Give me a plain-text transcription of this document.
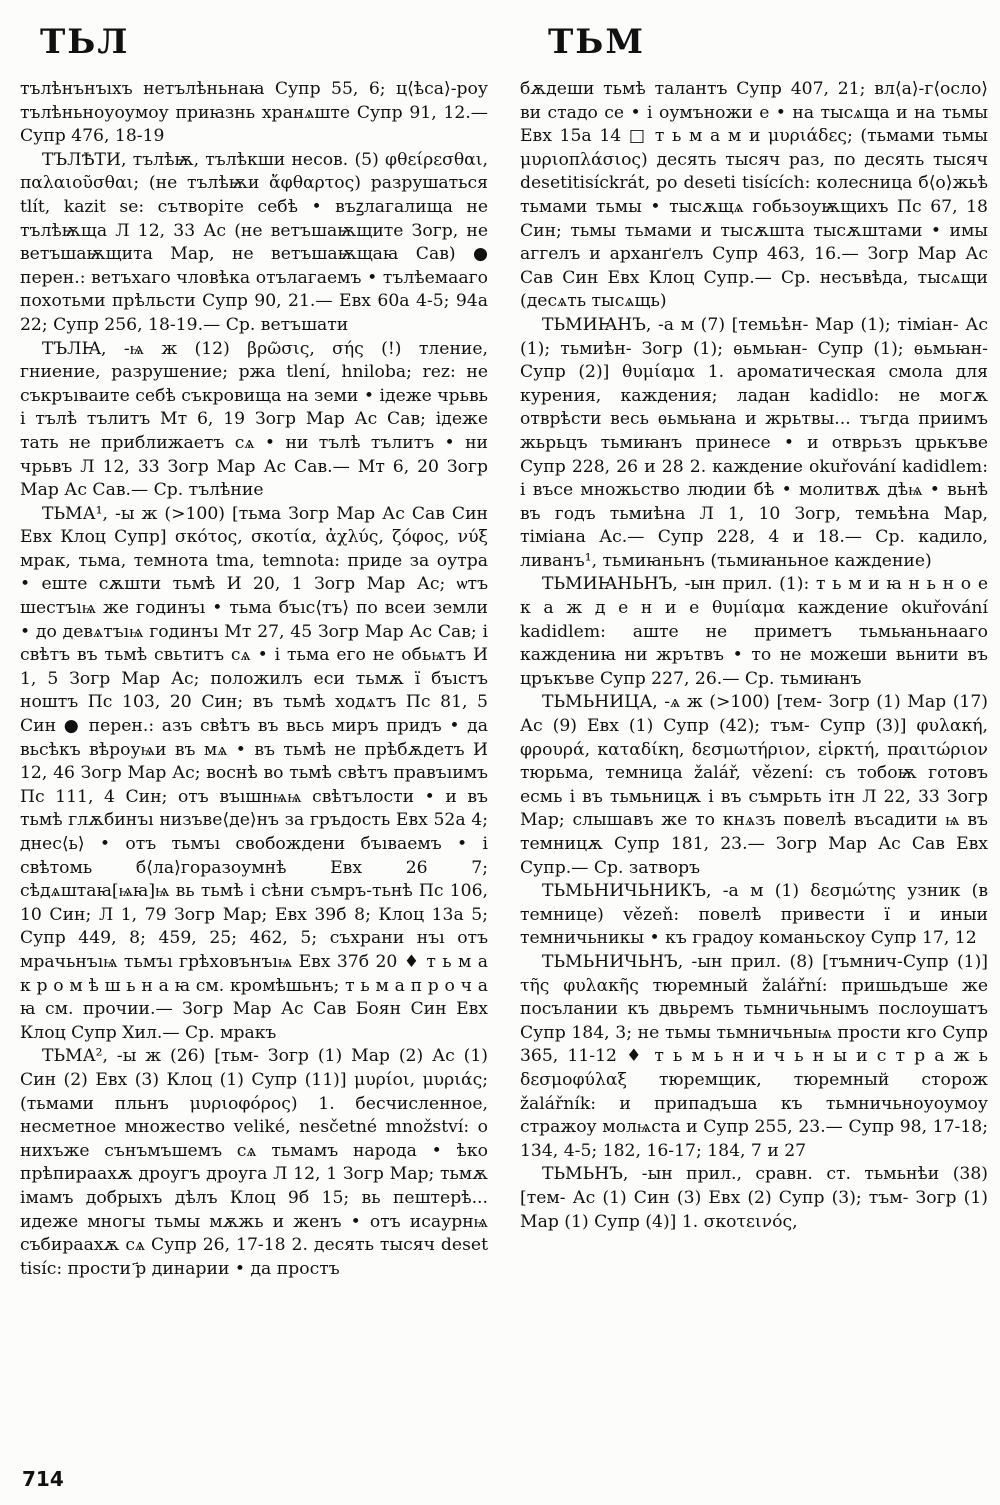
ТЬЛ	ТЬМ

тълѣнънъıхъ нетълѣньнаꙗ Супр 55, 6; ц⟨ѣса⟩-роу тълѣньноуоумоу приꙗзнь хранѧште Супр 91, 12.— Супр 476, 18-19

ТЪЛѢТИ, тълѣѭ, тълѣкши несов. (5) φθείρεσθαι, παλαιοῦσθαι; (не тълѣѭи ἄφθαρτος) разрушаться tlít, kazit se: сътворіте себѣ • въꙁлагалища не тълѣѭща Л 12, 33 Ас (не ветъшаѭщите Зогр, не ветъшаѭщита Мар, не ветъшаѭщаꙗ Сав) ● перен.: ветъхаго чловѣка отълагаемъ • тълѣемааго похотьми прѣльсти Супр 90, 21.— Евх 60а 4-5; 94а 22; Супр 256, 18-19.— Ср. ветъшати

ТЪЛꙖ, -ѩ ж (12) βρῶσις, σής (!) тление, гниение, разрушение; ржа tlení, hniloba; rez: не съкръıваите себѣ съкровища на земи • ідеже чрьвь і тълѣ тълитъ Мт 6, 19 Зогр Мар Ас Сав; ідеже тать не приближаетъ сѧ • ни тълѣ тълитъ • ни чрьвъ Л 12, 33 Зогр Мар Ас Сав.— Мт 6, 20 Зогр Мар Ас Сав.— Ср. тълѣние

ТЬМА¹, -ы ж (>100) [тьма Зогр Мар Ас Сав Син Евх Клоц Супр] σκότος, σκοτία, ἀχλύς, ζόφος, νύξ мрак, тьма, темнота tma, temnota: приде за оутра • еште сѫшти тьмѣ И 20, 1 Зогр Мар Ас; ѡтъ шестъıѩ же годинъı • тьма бъıс⟨тъ⟩ по всеи земли • до девѧтъıѩ годинъı Мт 27, 45 Зогр Мар Ас Сав; і свѣтъ въ тьмѣ свьтитъ сѧ • і тьма его не обьѩтъ И 1, 5 Зогр Мар Ас; положилъ еси тьмѫ ї бъıстъ ноштъ Пс 103, 20 Син; въ тьмѣ ходѧтъ Пс 81, 5 Син ● перен.: азъ свѣтъ въ вьсь миръ придъ • да вьсѣкъ вѣроуѩи въ мѧ • въ тьмѣ не прѣбѫдетъ И 12, 46 Зогр Мар Ас; воснѣ во тьмѣ свѣтъ правъıимъ Пс 111, 4 Син; отъ въıшнѩѩ свѣтълости • и въ тьмѣ глѫбинъı низъве⟨де⟩нъ за гръдость Евх 52а 4; днес⟨ь⟩ • отъ тьмъı свобождени бъıваемъ • і свѣтомь б⟨ла⟩горазоумнѣ Евх 26 7; сѣдѧштаꙗ[ѩꙗ]ѩ вь тьмѣ і сѣни съмръ-тьнѣ Пс 106, 10 Син; Л 1, 79 Зогр Мар; Евх 39б 8; Клоц 13а 5; Супр 449, 8; 459, 25; 462, 5; съхрани нъı отъ мрачьнъıѩ тьмъı грѣховънъıѩ Евх 37б 20 ♦ т ь м а к р о м ѣ ш ь н а ꙗ см. кромѣшьнъ; т ь м а п р о ч а ꙗ см. прочии.— Зогр Мар Ас Сав Боян Син Евх Клоц Супр Хил.— Ср. мракъ

ТЬМА², -ы ж (26) [тьм- Зогр (1) Мар (2) Ас (1) Син (2) Евх (3) Клоц (1) Супр (11)] μυρίοι, μυριάς; (тьмами пльнъ μυριοφόρος) 1. бесчисленное, несметное множество veliké, nesčetné množství: о нихъже сънъмъшемъ сѧ тьмамъ народа • ѣко прѣпираахѫ дроугъ дроуга Л 12, 1 Зогр Мар; тьмѫ імамъ добрыхъ дѣлъ Клоц 9б 15; вь пештерѣ... идеже многы тьмы мѫжь и женъ • отъ исаурнѩ събираахѫ сѧ Супр 26, 17-18 2. десять тысяч deset tisíc: прости ҃р динарии • да простъ

бѫдеши тьмѣ талантъ Супр 407, 21; вл⟨а⟩-г⟨осло⟩ви стадо се • і оумъножи е • на тысѧща и на тьмы Евх 15а 14 □ т ь м а м и μυριάδες; (тьмами тьмы μυριοπλάσιος) десять тысяч раз, по десять тысяч desetitisíckrát, po deseti tisících: колесница б⟨о⟩жьѣ тьмами тьмы • тысѫщѧ гобьзоуѭщихъ Пс 67, 18 Син; тьмы тьмами и тысѫшта тысѫштами • имы аггелъ и арханґелъ Супр 463, 16.— Зогр Мар Ас Сав Син Евх Клоц Супр.— Ср. несъвѣда, тысѧщи (десѧть тысѧщь)

ТЬМИꙖНЪ, -а м (7) [темьѣн- Мар (1); тіміан- Ас (1); тьмиѣн- Зогр (1); ѳьмьꙗн- Супр (1); ѳьмьꙗн- Супр (2)] θυμίαμα 1. ароматическая смола для курения, каждения; ладан kadidlo: не могѫ отврѣсти весь ѳьмьꙗна и жрьтвы... тъгда приимъ жьрьцъ тьмиꙗнъ принесе • и отврьзъ црькъве Супр 228, 26 и 28 2. каждение okuřování kadidlem: і въсе множьство людии бѣ • молитвѫ дѣѩ • вьнѣ въ годъ тьмиѣна Л 1, 10 Зогр, темьѣна Мар, тіміана Ас.— Супр 228, 4 и 18.— Ср. кадило, ливанъ¹, тьмиꙗньнъ (тьмиꙗньное каждение)

ТЬМИꙖНЬНЪ, -ын прил. (1): т ь м и ꙗ н ь н о е к а ж д е н и е θυμίαμα каждение okuřování kadidlem: аште не приметъ тьмьꙗньнааго каждениꙗ ни жрътвъ • то не можеши вьнити въ цръкъве Супр 227, 26.— Ср. тьмиꙗнъ

ТЬМЬНИЦА, -ѧ ж (>100) [тем- Зогр (1) Мар (17) Ас (9) Евх (1) Супр (42); тъм- Супр (3)] φυλακή, φρουρά, καταδίκη, δεσμωτήριον, εἱρκτή, πραιτώριον тюрьма, темница žalář, vězení: съ тобоѭ готовъ есмь і въ тьмьницѫ і въ съмрьть ітн Л 22, 33 Зогр Мар; слышавъ же то кнѧзъ повелѣ въсадити ѩ въ темницѫ Супр 181, 23.— Зогр Мар Ас Сав Евх Супр.— Ср. затворъ

ТЬМЬНИЧЬНИКЪ, -а м (1) δεσμώτης узник (в темнице) vězeň: повелѣ привести ї и иныи темничьникы • къ градоу команьскоу Супр 17, 12

ТЬМЬНИЧЬНЪ, -ын прил. (8) [тъмнич-Супр (1)] τῆς φυλακῆς тюремный žalářní: пришьдъше же посълании къ двьремъ тьмничьнымъ послоушатъ Супр 184, 3; не тьмы тьмничьныѩ прости кго Супр 365, 11-12 ♦ т ь м ь н и ч ь н ы и с т р а ж ь δεσμοφύλαξ тюремщик, тюремный сторож žalářník: и припадъша къ тьмничьноуоумоу стражоу молѩста и Супр 255, 23.— Супр 98, 17-18; 134, 4-5; 182, 16-17; 184, 7 и 27

ТЬМЬНЪ, -ын прил., сравн. ст. тьмьнѣи (38) [тем- Ас (1) Син (3) Евх (2) Супр (3); тъм- Зогр (1) Мар (1) Супр (4)] 1. σκοτεινός,

714
